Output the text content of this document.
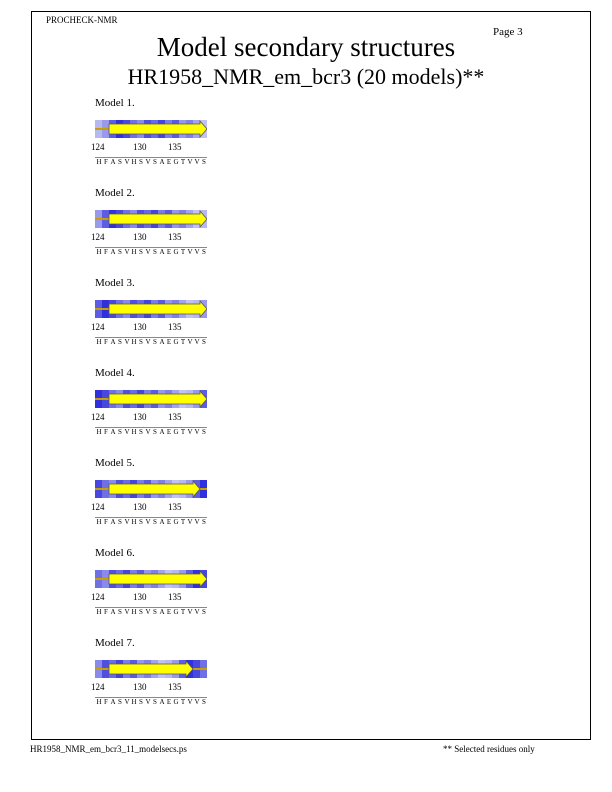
PROCHECK-NMR
Page 3
Model secondary structures
HR1958_NMR_em_bcr3 (20 models)**
Model 1.
124	130 135
H F A S V H S V S A E G T V V S
Model 2.
124	130 135
H F A S V H S V S A E G T V V S
Model 3.
124	130 135
H F A S V H S V S A E G T V V S
Model 4.
124	130 135
H F A S V H S V S A E G T V V S
Model 5.
124	130 135
H F A S V H S V S A E G T V V S
Model 6.
124	130 135
H F A S V H S V S A E G T V V S
Model 7.
124	130 135
H F A S V H S V S A E G T V V S
HR1958_NMR_em_bcr3_11_modelsecs.ps	** Selected residues only
